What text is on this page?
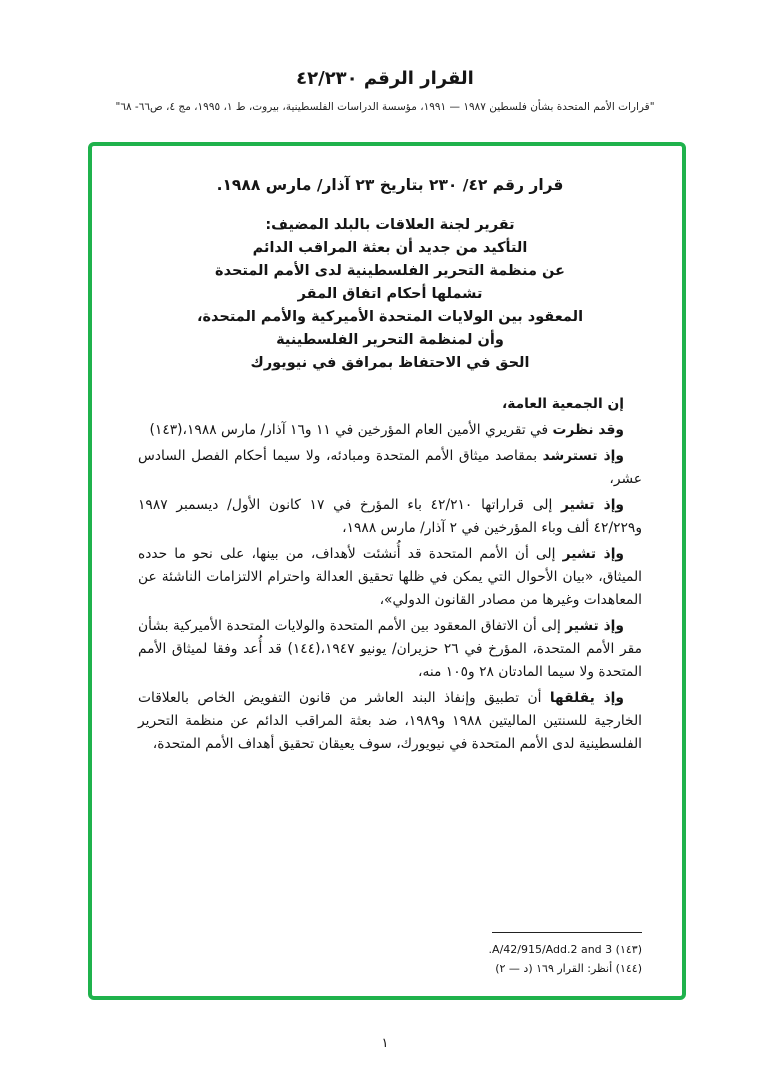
القرار الرقم ٤٢/٢٣٠
"قرارات الأمم المتحدة بشأن فلسطين ١٩٨٧ — ١٩٩١، مؤسسة الدراسات الفلسطينية، بيروت، ط ١، ١٩٩٥، مج ٤، ص٦٦- ٦٨"
قرار رقم ٤٢/ ٢٣٠ بتاريخ ٢٣ آذار/ مارس ١٩٨٨.
تقرير لجنة العلاقات بالبلد المضيف:
التأكيد من جديد أن بعثة المراقب الدائم
عن منظمة التحرير الفلسطينية لدى الأمم المتحدة
تشملها أحكام اتفاق المقر
المعقود بين الولايات المتحدة الأميركية والأمم المتحدة،
وأن لمنظمة التحرير الفلسطينية
الحق في الاحتفاظ بمرافق في نيويورك

إن الجمعية العامة،

وقد نظرت في تقريري الأمين العام المؤرخين في ١١ و١٦ آذار/ مارس ١٩٨٨،(١٤٣)

وإذ تسترشد بمقاصد ميثاق الأمم المتحدة ومبادئه، ولا سيما أحكام الفصل السادس عشر،

وإذ تشير إلى قراراتها ٤٢/٢١٠ باء المؤرخ في ١٧ كانون الأول/ ديسمبر ١٩٨٧ و٤٢/٢٢٩ ألف وباء المؤرخين في ٢ آذار/ مارس ١٩٨٨،

وإذ تشير إلى أن الأمم المتحدة قد أُنشئت لأهداف، من بينها، على نحو ما حدده الميثاق، «بيان الأحوال التي يمكن في ظلها تحقيق العدالة واحترام الالتزامات الناشئة عن المعاهدات وغيرها من مصادر القانون الدولي»،

وإذ تشير إلى أن الاتفاق المعقود بين الأمم المتحدة والولايات المتحدة الأميركية بشأن مقر الأمم المتحدة، المؤرخ في ٢٦ حزيران/ يونيو ١٩٤٧،(١٤٤) قد أُعد وفقا لميثاق الأمم المتحدة ولا سيما المادتان ٢٨ و١٠٥ منه،

وإذ يقلقها أن تطبيق وإنفاذ البند العاشر من قانون التفويض الخاص بالعلاقات الخارجية للسنتين الماليتين ١٩٨٨ و١٩٨٩، ضد بعثة المراقب الدائم عن منظمة التحرير الفلسطينية لدى الأمم المتحدة في نيويورك، سوف يعيقان تحقيق أهداف الأمم المتحدة،

(١٤٣) A/42/915/Add.2 and 3.
(١٤٤) أنظر: القرار ١٦٩ (د — ٢)
١
